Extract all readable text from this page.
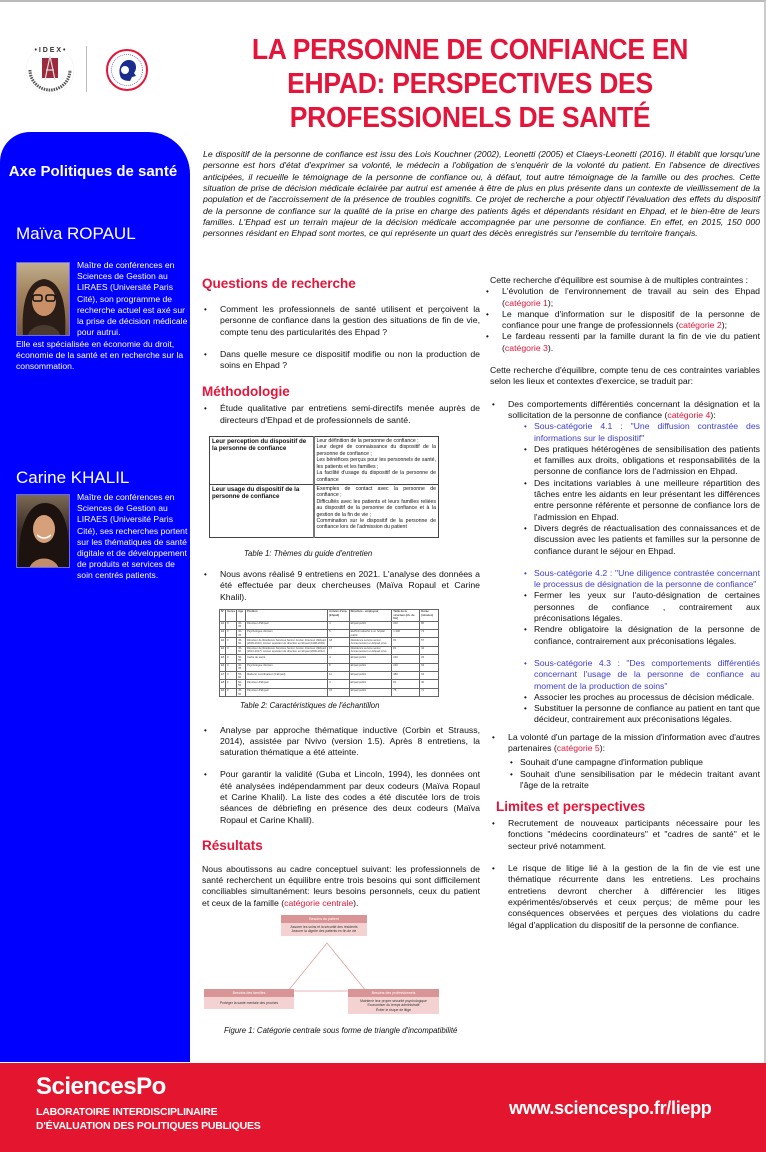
• I D E X •	LA PERSONNE DE CONFIANCE EN
EHPAD: PERSPECTIVES DES
PROFESSIONELS DE SANTÉ
Axe Politiques de santé
Maïva ROPAUL
Maître de conférences en Sciences de Gestion au LIRAES (Université Paris Cité), son programme de recherche actuel est axé sur la prise de décision médicale pour autrui.
Elle est spécialisée en économie du droit, économie de la santé et en recherche sur la consommation.
Carine KHALIL
Maître de conférences en Sciences de Gestion au LIRAES (Université Paris Cité), ses recherches portent sur les thématiques de santé digitale et de développement de produits et services de soin centrés patients.
Le dispositif de la personne de confiance est issu des Lois Kouchner (2002), Leonetti (2005) et Claeys-Leonetti (2016). Il établit que lorsqu'une personne est hors d'état d'exprimer sa volonté, le médecin a l'obligation de s'enquérir de la volonté du patient. En l'absence de directives anticipées, il recueille le témoignage de la personne de confiance ou, à défaut, tout autre témoignage de la famille ou des proches. Cette situation de prise de décision médicale éclairée par autrui est amenée à être de plus en plus présente dans un contexte de vieillissement de la population et de l'accroissement de la présence de troubles cognitifs. Ce projet de recherche a pour objectif l'évaluation des effets du dispositif de la personne de confiance sur la qualité de la prise en charge des patients âgés et dépendants résidant en Ehpad, et le bien-être de leurs familles. L'Ehpad est un terrain majeur de la décision médicale accompagnée par une personne de confiance. En effet, en 2015, 150 000 personnes résidant en Ehpad sont mortes, ce qui représente un quart des décès enregistrés sur l'ensemble du territoire français.
Questions de recherche
• Comment les professionnels de santé utilisent et perçoivent la personne de confiance dans la gestion des situations de fin de vie, compte tenu des particularités des Ehpad ?
• Dans quelle mesure ce dispositif modifie ou non la production de soins en Ehpad ?
Méthodologie
• Étude qualitative par entretiens semi-directifs menée auprès de directeurs d'Ehpad et de professionnels de santé.
Leur perception du dispositif de la personne de confiance	Leur définition de la personne de confiance ;
Leur degré de connaissance du dispositif de la personne de confiance ;
Les bénéfices perçus pour les personnels de santé, les patients et les familles ;
La facilité d'usage du dispositif de la personne de confiance

Leur usage du dispositif de la personne de confiance	Exemples de contact avec la personne de confiance ;
Difficultés avec les patients et leurs familles reliées au dispositif de la personne de confiance et à la gestion de la fin de vie ;
Commination sur le dispositif de la personne de confiance lors de l'admission du patient
Table 1: Thèmes du guide d'entretien
• Nous avons réalisé 9 entretiens en 2021. L'analyse des données a été effectuée par deux chercheuses (Maïva Ropaul et Carine Khalil).
N°	Genre	Age	Position	Années d'exp. (Ehpad)	Structure - employeur	Taille de la structure (nb. de lits)	Durée (minutes)
E1	F	30-35	Directeur d'Ehpad	4	Ehpad public	240	80
E2	F	30-35	Psychologue clinicien	5	EHPAD rattaché à un hôpital public	1 400	73
E3	F	45-50	Directeur de Résidence Services Senior. Ancien directeur d'Ehpad (2009-2016). Ancien assistant de direction en Ehpad (1998-2009)	18	Résidence service senior. Anciennement en Ehpad privé	81	57
E4	F	45-50	Directeur de Résidence Services Senior. Ancien directeur d'Ehpad (2013-2017). Ancien assistant de direction en Ehpad (2000-2012)	17	Résidence service senior. Anciennement en Ehpad privé	81	42
E5	F	50-55	Cadre de santé	4	Ehpad public	240	26
E6	F	30-35	Psychologue clinicien	8	Ehpad public	240	63
E7	F	55-60	Médecin coordinateur (6 Ehpad)	11	Ehpad public	480	63
E8	F	50-55	Directeur d'Ehpad	4	Ehpad public	81	30
E9	F	45-50	Directeur d'Ehpad	15	Ehpad public	75	71
Table 2: Caractéristiques de l'échantillon
• Analyse par approche thématique inductive (Corbin et Strauss, 2014), assistée par Nvivo (version 1.5). Après 8 entretiens, la saturation thématique a été atteinte.
• Pour garantir la validité (Guba et Lincoln, 1994), les données ont été analysées indépendamment par deux codeurs (Maïva Ropaul et Carine Khalil). La liste des codes a été discutée lors de trois séances de débriefing en présence des deux codeurs (Maïva Ropaul et Carine Khalil).
Résultats

Nous aboutissons au cadre conceptuel suivant: les professionnels de santé recherchent un équilibre entre trois besoins qui sont difficilement conciliables simultanément: leurs besoins personnels, ceux du patient et ceux de la famille (catégorie centrale).

Besoins du patient
Assurer les soins et la sécurité des résidents
Assurer la dignité des patients en fin de vie
Besoins des familles
Protéger la santé mentale des proches
Besoins des professionnels
Maintenir leur propre sécurité psychologique
Economiser du temps administratif
Éviter le risque de litige
Figure 1: Catégorie centrale sous forme de triangle d'incompatibilité

Cette recherche d'équilibre est soumise à de multiples contraintes :

• L'évolution de l'environnement de travail au sein des Ehpad (catégorie 1);
• Le manque d'information sur le dispositif de la personne de confiance pour une frange de professionnels (catégorie 2);
• Le fardeau ressenti par la famille durant la fin de vie du patient (catégorie 3).

Cette recherche d'équilibre, compte tenu de ces contraintes variables selon les lieux et contextes d'exercice, se traduit par:

• Des comportements différentiés concernant la désignation et la sollicitation de la personne de confiance (catégorie 4):
• Sous-catégorie 4.1 : "Une diffusion contrastée des informations sur le dispositif"
• Des pratiques hétérogènes de sensibilisation des patients et familles aux droits, obligations et responsabilités de la personne de confiance lors de l'admission en Ehpad.
• Des incitations variables à une meilleure répartition des tâches entre les aidants en leur présentant les différences entre personne référente et personne de confiance lors de l'admission en Ehpad.
• Divers degrés de réactualisation des connaissances et de discussion avec les patients et familles sur la personne de confiance durant le séjour en Ehpad.
• Sous-catégorie 4.2 : "Une diligence contrastée concernant le processus de désignation de la personne de confiance"
• Fermer les yeux sur l'auto-désignation de certaines personnes de confiance , contrairement aux préconisations légales.
• Rendre obligatoire la désignation de la personne de confiance, contrairement aux préconisations légales.
• Sous-catégorie 4.3 : "Des comportements différentiés concernant l'usage de la personne de confiance au moment de la production de soins"
• Associer les proches au processus de décision médicale.
• Substituer la personne de confiance au patient en tant que décideur, contrairement aux préconisations légales.
• La volonté d'un partage de la mission d'information avec d'autres partenaires (catégorie 5):
• Souhait d'une campagne d'information publique
• Souhait d'une sensibilisation par le médecin traitant avant l'âge de la retraite
Limites et perspectives
• Recrutement de nouveaux participants nécessaire pour les fonctions "médecins coordinateurs" et "cadres de santé" et le secteur privé notamment.
• Le risque de litige lié à la gestion de la fin de vie est une thématique récurrente dans les entretiens. Les prochains entretiens devront chercher à différencier les litiges expérimentés/observés et ceux perçus; de même pour les conséquences observées et perçues des violations du cadre légal d'application du dispositif de la personne de confiance.
SciencesPo
LABORATOIRE INTERDISCIPLINAIRE
D'ÉVALUATION DES POLITIQUES PUBLIQUES
www.sciencespo.fr/liepp
